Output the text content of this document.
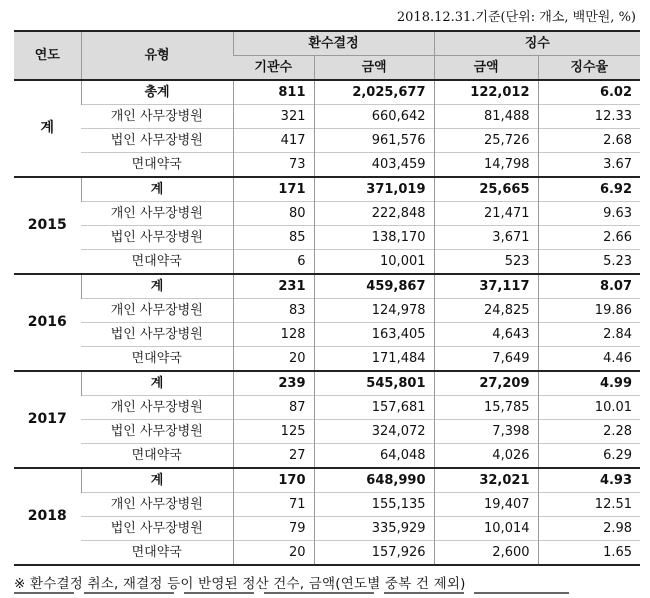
2018.12.31.기준(단위: 개소, 백만원, %)
연도	유형	환수결정		징수	
		기관수	금액	금액	징수율
계	총계	811	2,025,677	122,012	6.02
	개인 사무장병원	321	660,642	81,488	12.33
	법인 사무장병원	417	961,576	25,726	2.68
	면대약국	73	403,459	14,798	3.67
2015	계	171	371,019	25,665	6.92
	개인 사무장병원	80	222,848	21,471	9.63
	법인 사무장병원	85	138,170	3,671	2.66
	면대약국	6	10,001	523	5.23
2016	계	231	459,867	37,117	8.07
	개인 사무장병원	83	124,978	24,825	19.86
	법인 사무장병원	128	163,405	4,643	2.84
	면대약국	20	171,484	7,649	4.46
2017	계	239	545,801	27,209	4.99
	개인 사무장병원	87	157,681	15,785	10.01
	법인 사무장병원	125	324,072	7,398	2.28
	면대약국	27	64,048	4,026	6.29
2018	계	170	648,990	32,021	4.93
	개인 사무장병원	71	155,135	19,407	12.51
	법인 사무장병원	79	335,929	10,014	2.98
	면대약국	20	157,926	2,600	1.65
※ 환수결정 취소, 재결정 등이 반영된 정산 건수, 금액(연도별 중복 건 제외)
